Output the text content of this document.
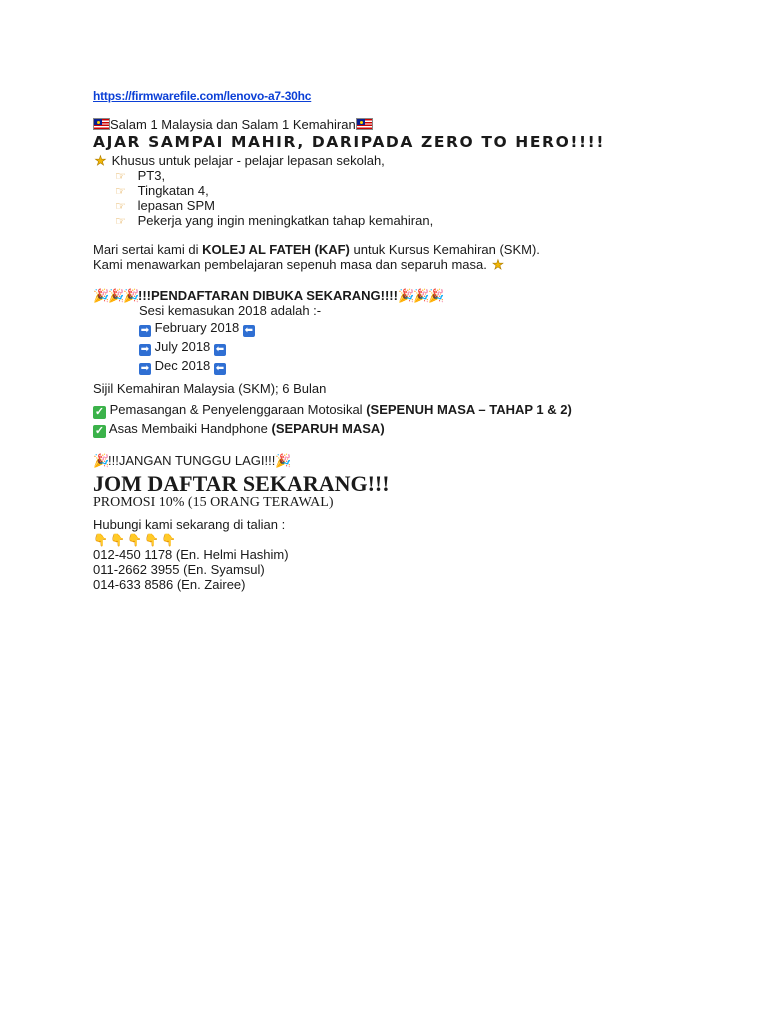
https://firmwarefile.com/lenovo-a7-30hc
Salam 1 Malaysia dan Salam 1 Kemahiran
AJAR SAMPAI MAHIR, DARIPADA ZERO TO HERO!!!!
★ Khusus untuk pelajar - pelajar lepasan sekolah,
☞ PT3,
☞ Tingkatan 4,
☞ lepasan SPM
☞ Pekerja yang ingin meningkatkan tahap kemahiran,
Mari sertai kami di KOLEJ AL FATEH (KAF) untuk Kursus Kemahiran (SKM).
Kami menawarkan pembelajaran sepenuh masa dan separuh masa. ★
🎉🎉🎉!!!PENDAFTARAN DIBUKA SEKARANG!!!!🎉🎉🎉
Sesi kemasukan 2018 adalah :-
➡ February 2018 ⬅
➡ July 2018 ⬅
➡ Dec 2018 ⬅
Sijil Kemahiran Malaysia (SKM); 6 Bulan
✓ Pemasangan & Penyelenggaraan Motosikal (SEPENUH MASA – TAHAP 1 & 2)
✓ Asas Membaiki Handphone (SEPARUH MASA)
🎉!!!JANGAN TUNGGU LAGI!!!🎉
JOM DAFTAR SEKARANG!!!
PROMOSI 10% (15 ORANG TERAWAL)
Hubungi kami sekarang di talian :
👇 👇 👇 👇 👇
012-450 1178 (En. Helmi Hashim)
011-2662 3955 (En. Syamsul)
014-633 8586 (En. Zairee)
